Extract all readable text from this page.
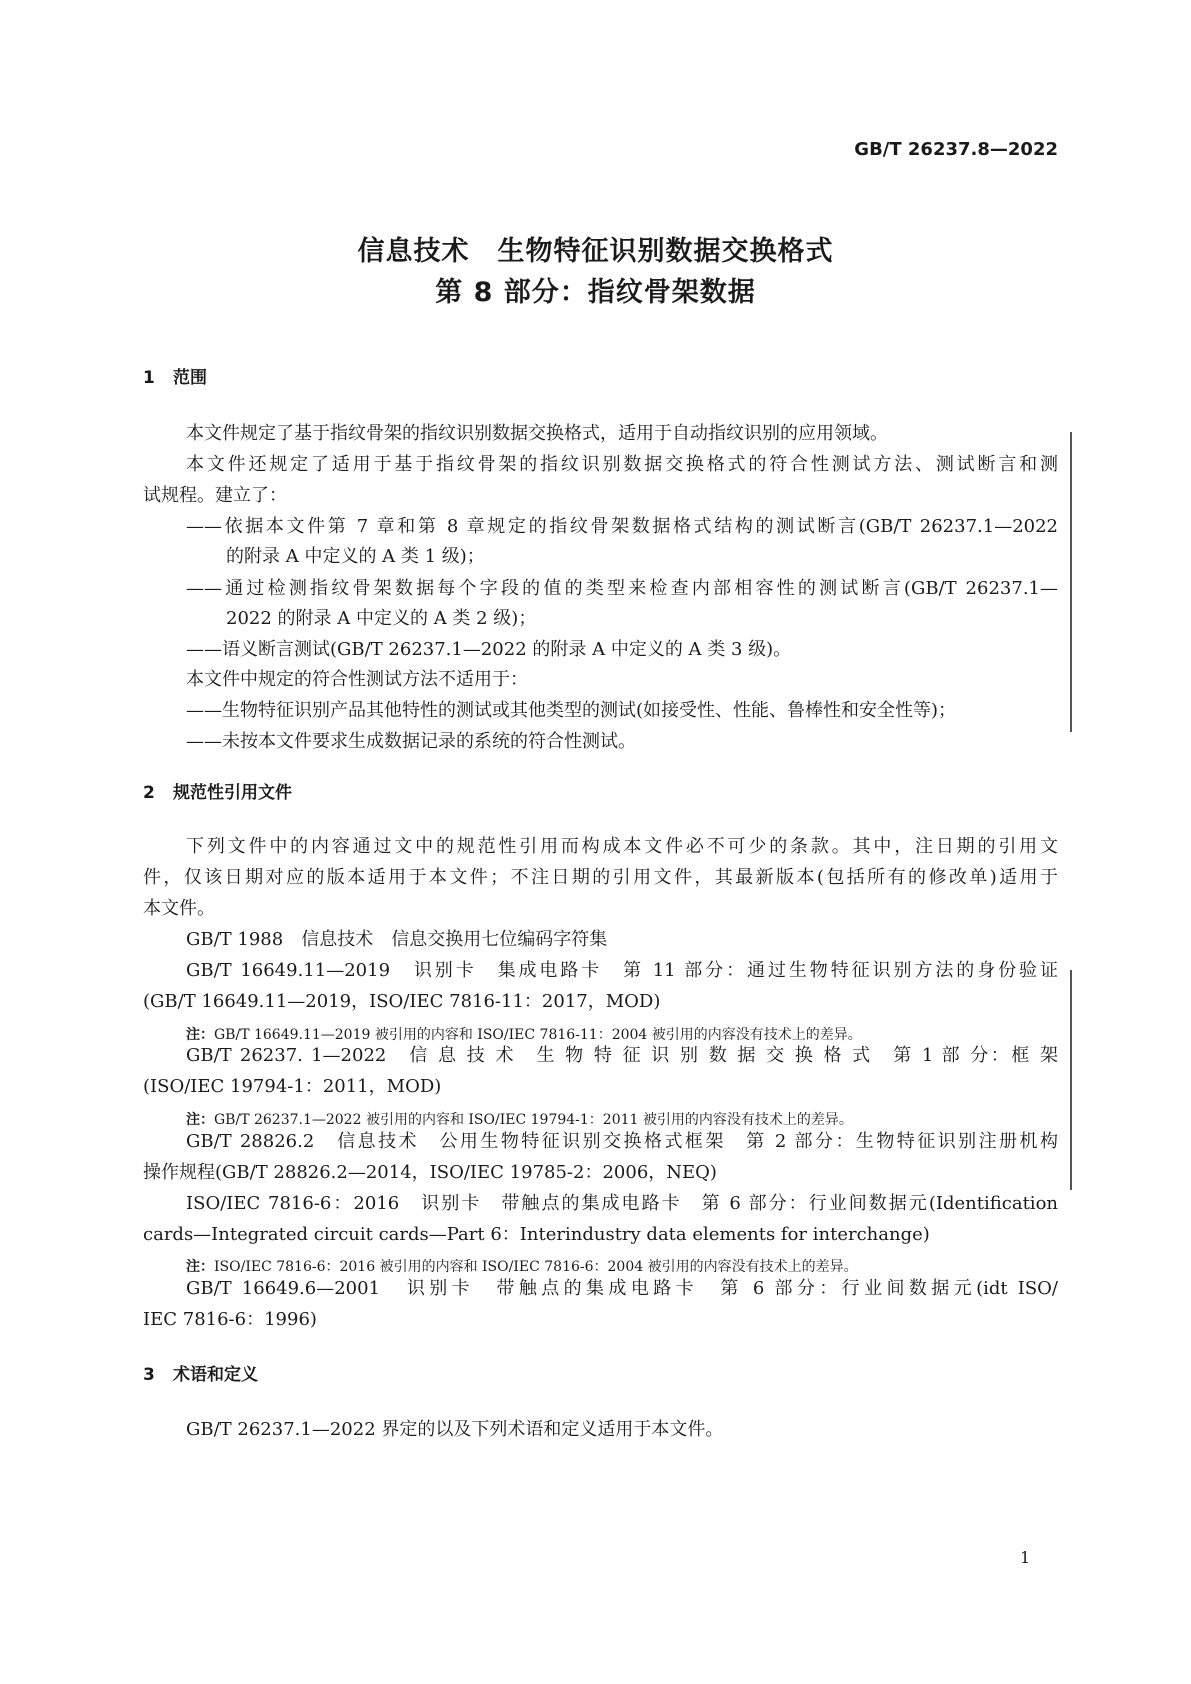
GB/T 26237.8—2022
信息技术　生物特征识别数据交换格式
第 8 部分：指纹骨架数据
1 范围
本文件规定了基于指纹骨架的指纹识别数据交换格式，适用于自动指纹识别的应用领域。
本文件还规定了适用于基于指纹骨架的指纹识别数据交换格式的符合性测试方法、测试断言和测
试规程。建立了：
——依据本文件第 7 章和第 8 章规定的指纹骨架数据格式结构的测试断言(GB/T 26237.1—2022
的附录 A 中定义的 A 类 1 级)；
——通过检测指纹骨架数据每个字段的值的类型来检查内部相容性的测试断言(GB/T 26237.1—
2022 的附录 A 中定义的 A 类 2 级)；
——语义断言测试(GB/T 26237.1—2022 的附录 A 中定义的 A 类 3 级)。
本文件中规定的符合性测试方法不适用于：
——生物特征识别产品其他特性的测试或其他类型的测试(如接受性、性能、鲁棒性和安全性等)；
——未按本文件要求生成数据记录的系统的符合性测试。
2 规范性引用文件
下列文件中的内容通过文中的规范性引用而构成本文件必不可少的条款。其中，注日期的引用文
件，仅该日期对应的版本适用于本文件；不注日期的引用文件，其最新版本(包括所有的修改单)适用于
本文件。
GB/T 1988　信息技术　信息交换用七位编码字符集
GB/T 16649.11—2019　识别卡　集成电路卡　第 11 部分：通过生物特征识别方法的身份验证
(GB/T 16649.11—2019，ISO/IEC 7816-11：2017，MOD)
注：GB/T 16649.11—2019 被引用的内容和 ISO/IEC 7816-11：2004 被引用的内容没有技术上的差异。
GB/T 26237. 1—2022　信 息 技 术　生 物 特 征 识 别 数 据 交 换 格 式　第 1 部 分：框 架
(ISO/IEC 19794-1：2011，MOD)
注：GB/T 26237.1—2022 被引用的内容和 ISO/IEC 19794-1：2011 被引用的内容没有技术上的差异。
GB/T 28826.2　信息技术　公用生物特征识别交换格式框架　第 2 部分：生物特征识别注册机构
操作规程(GB/T 28826.2—2014，ISO/IEC 19785-2：2006，NEQ)
ISO/IEC 7816-6：2016　识别卡　带触点的集成电路卡　第 6 部分：行业间数据元(Identification
cards—Integrated circuit cards—Part 6：Interindustry data elements for interchange)
注：ISO/IEC 7816-6：2016 被引用的内容和 ISO/IEC 7816-6：2004 被引用的内容没有技术上的差异。
GB/T 16649.6—2001　识别卡　带触点的集成电路卡　第 6 部分：行业间数据元(idt ISO/
IEC 7816-6：1996)
3 术语和定义
GB/T 26237.1—2022 界定的以及下列术语和定义适用于本文件。
1
